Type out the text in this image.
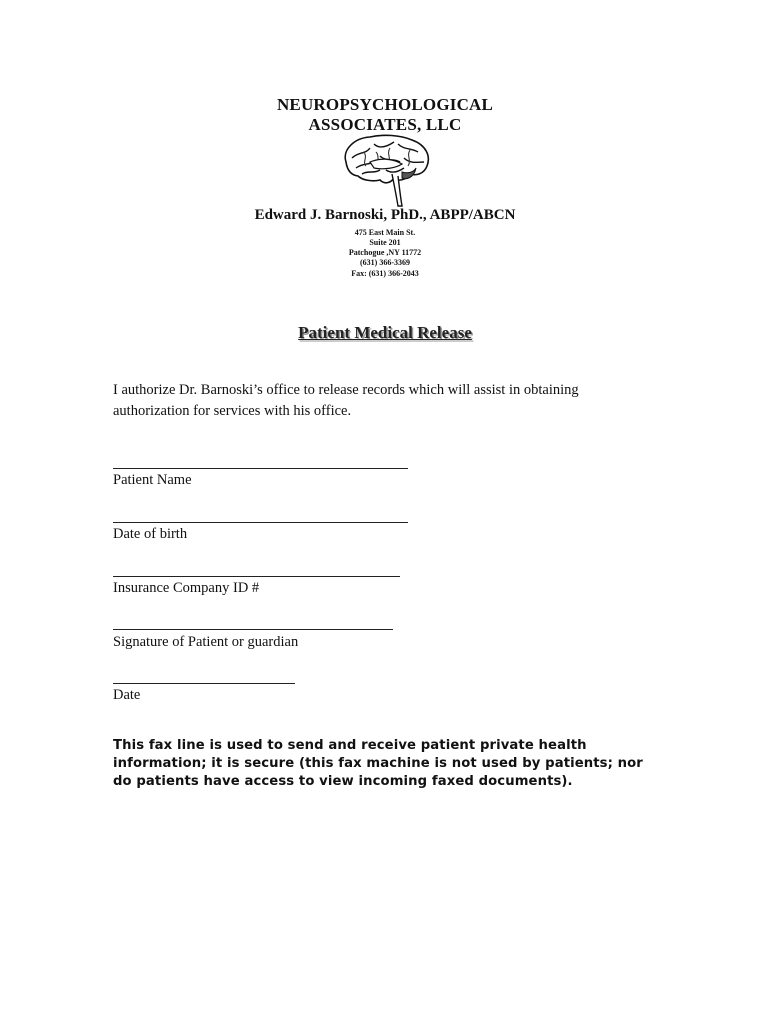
NEUROPSYCHOLOGICAL
ASSOCIATES, LLC
Edward J. Barnoski, PhD., ABPP/ABCN
475 East Main St.
Suite 201
Patchogue ,NY 11772
(631) 366-3369
Fax: (631) 366-2043
Patient Medical Release
I authorize Dr. Barnoski’s office to release records which will assist in obtaining authorization for services with his office.
Patient Name
Date of birth
Insurance Company ID #
Signature of Patient or guardian
Date
This fax line is used to send and receive patient private health information; it is secure (this fax machine is not used by patients; nor do patients have access to view incoming faxed documents).
